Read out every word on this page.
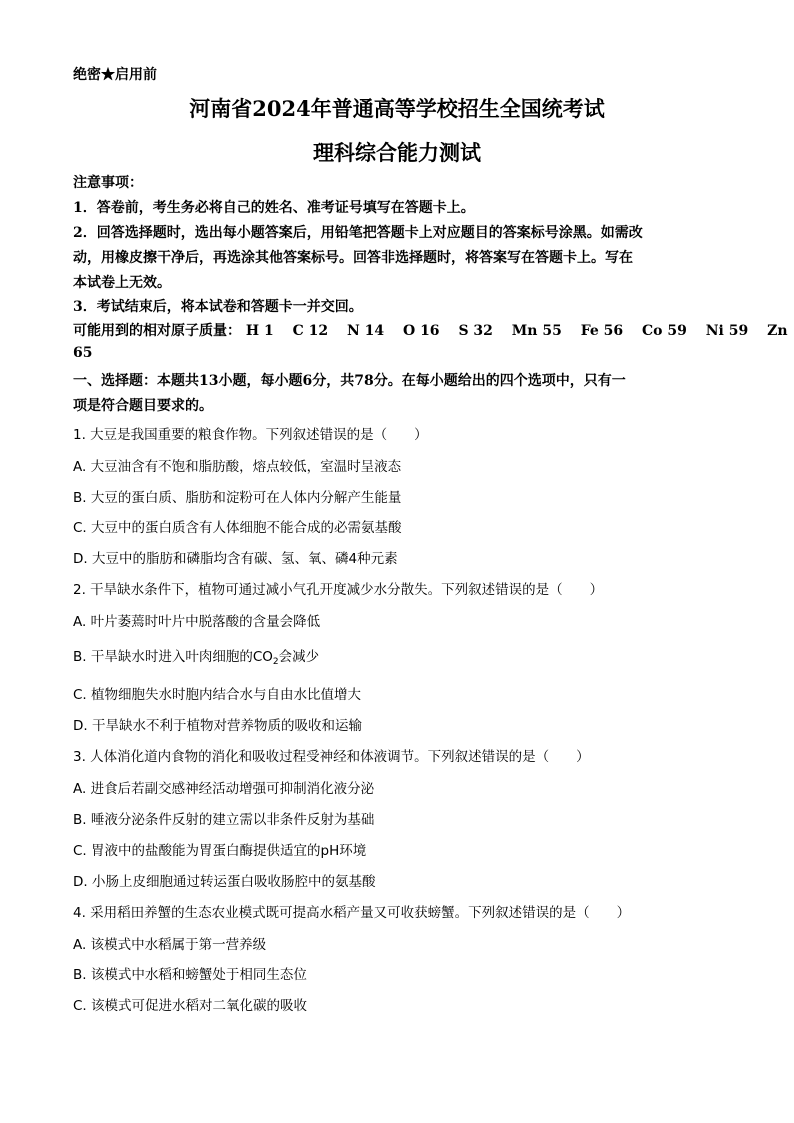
绝密★启用前
河南省2024年普通高等学校招生全国统考试
理科综合能力测试
注意事项：
1．答卷前，考生务必将自己的姓名、准考证号填写在答题卡上。
2．回答选择题时，选出每小题答案后，用铅笔把答题卡上对应题目的答案标号涂黑。如需改
动，用橡皮擦干净后，再选涂其他答案标号。回答非选择题时，将答案写在答题卡上。写在
本试卷上无效。
3．考试结束后，将本试卷和答题卡一并交回。
可能用到的相对原子质量： H 1 C 12 N 14 O 16 S 32 Mn 55 Fe 56 Co 59 Ni 59 Zn
65
一、选择题：本题共13小题，每小题6分，共78分。在每小题给出的四个选项中，只有一
项是符合题目要求的。
1. 大豆是我国重要的粮食作物。下列叙述错误的是（　　）
A. 大豆油含有不饱和脂肪酸，熔点较低，室温时呈液态
B. 大豆的蛋白质、脂肪和淀粉可在人体内分解产生能量
C. 大豆中的蛋白质含有人体细胞不能合成的必需氨基酸
D. 大豆中的脂肪和磷脂均含有碳、氢、氧、磷4种元素
2. 干旱缺水条件下，植物可通过减小气孔开度减少水分散失。下列叙述错误的是（　　）
A. 叶片萎蔫时叶片中脱落酸的含量会降低
B. 干旱缺水时进入叶肉细胞的$CO_2$会减少
C. 植物细胞失水时胞内结合水与自由水比值增大
D. 干旱缺水不利于植物对营养物质的吸收和运输
3. 人体消化道内食物的消化和吸收过程受神经和体液调节。下列叙述错误的是（　　）
A. 进食后若副交感神经活动增强可抑制消化液分泌
B. 唾液分泌条件反射的建立需以非条件反射为基础
C. 胃液中的盐酸能为胃蛋白酶提供适宜的pH环境
D. 小肠上皮细胞通过转运蛋白吸收肠腔中的氨基酸
4. 采用稻田养蟹的生态农业模式既可提高水稻产量又可收获螃蟹。下列叙述错误的是（　　）
A. 该模式中水稻属于第一营养级
B. 该模式中水稻和螃蟹处于相同生态位
C. 该模式可促进水稻对二氧化碳的吸收
